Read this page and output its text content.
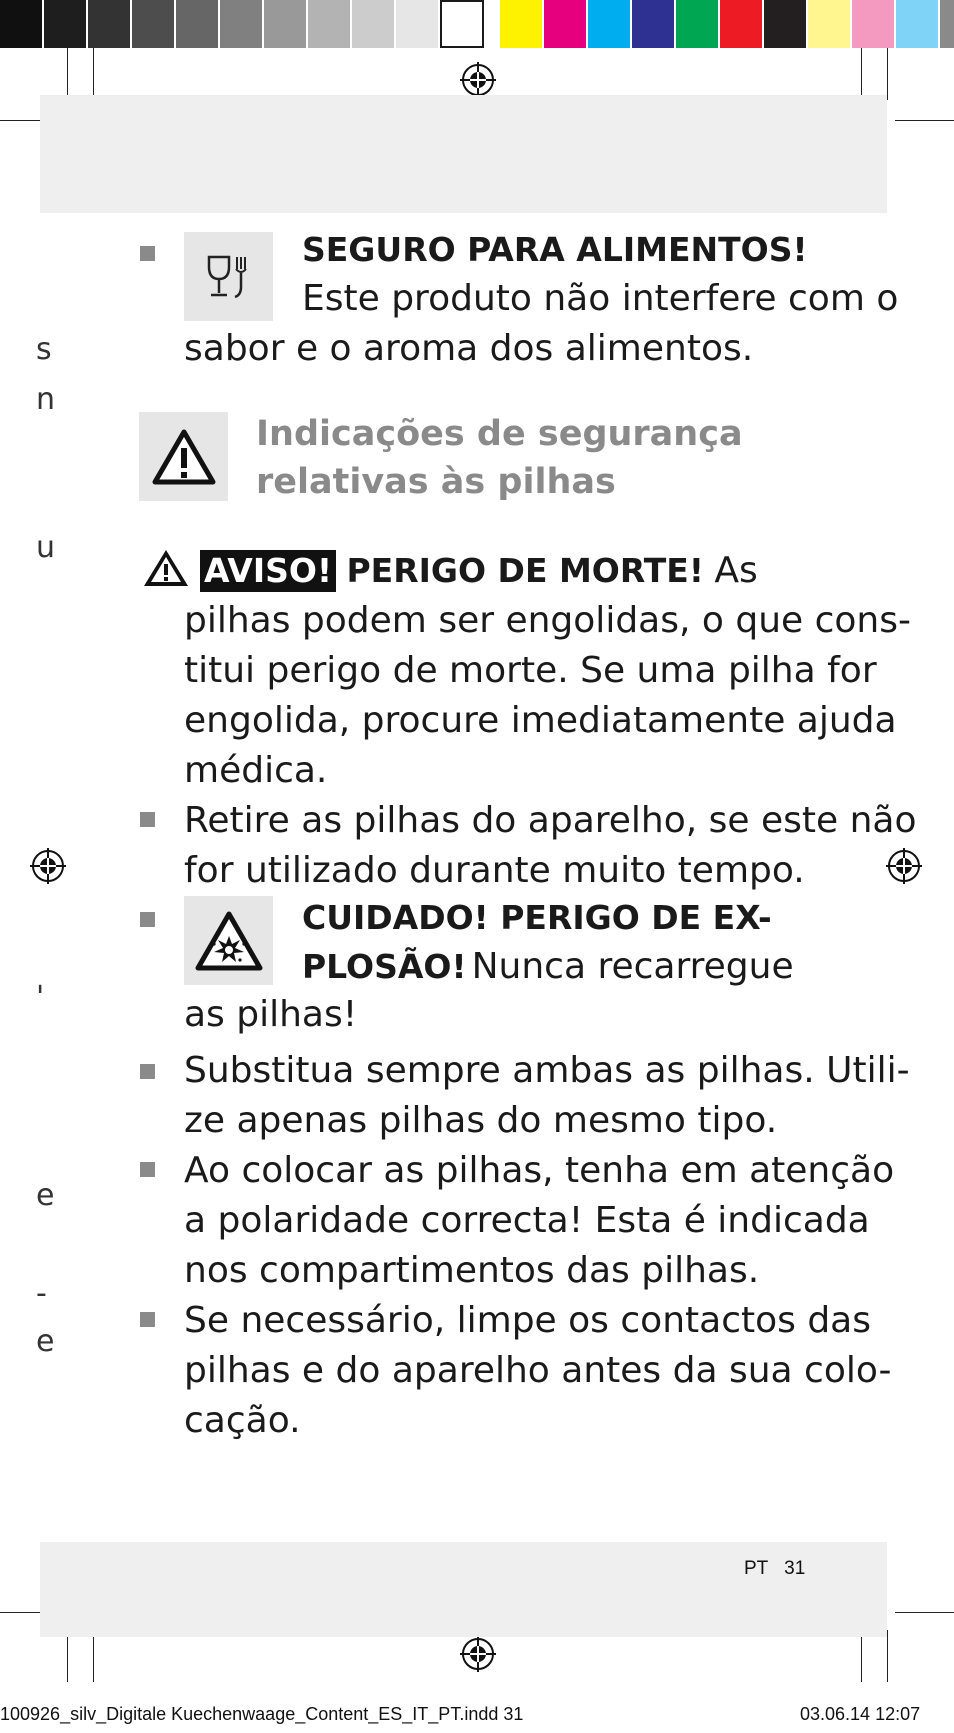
s
n
u
'
e
-
e
SEGURO PARA ALIMENTOS!
Este produto não interfere com o
sabor e o aroma dos alimentos.
Indicações de segurança
relativas às pilhas
AVISO! PERIGO DE MORTE! As
pilhas podem ser engolidas, o que cons-
titui perigo de morte. Se uma pilha for
engolida, procure imediatamente ajuda
médica.
Retire as pilhas do aparelho, se este não
for utilizado durante muito tempo.
CUIDADO! PERIGO DE EX-
PLOSÃO! Nunca recarregue
as pilhas!
Substitua sempre ambas as pilhas. Utili-
ze apenas pilhas do mesmo tipo.
Ao colocar as pilhas, tenha em atenção
a polaridade correcta! Esta é indicada
nos compartimentos das pilhas.
Se necessário, limpe os contactos das
pilhas e do aparelho antes da sua colo-
cação.
PT 31
100926_silv_Digitale Kuechenwaage_Content_ES_IT_PT.indd 31	03.06.14 12:07
